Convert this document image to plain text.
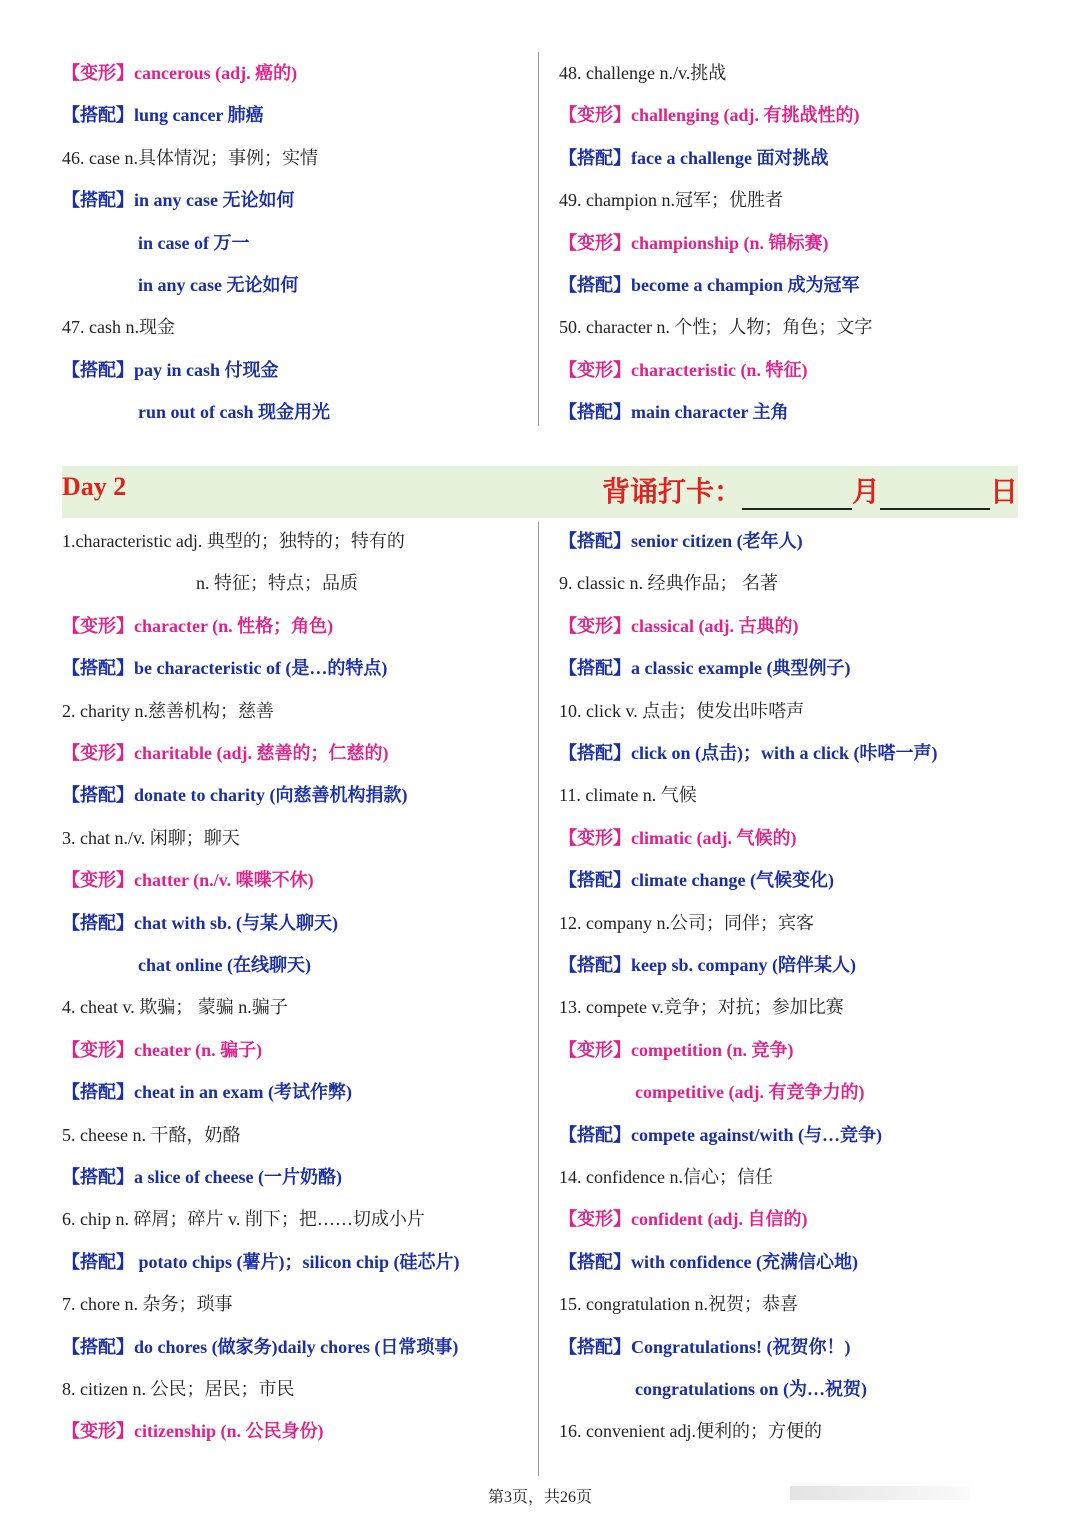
【变形】cancerous (adj. 癌的)
【搭配】lung cancer 肺癌
46. case n.具体情况；事例；实情
【搭配】in any case 无论如何
in case of 万一
in any case 无论如何
47. cash n.现金
【搭配】pay in cash 付现金
run out of cash 现金用光
48. challenge n./v.挑战
【变形】challenging (adj. 有挑战性的)
【搭配】face a challenge 面对挑战
49. champion n.冠军；优胜者
【变形】championship (n. 锦标赛)
【搭配】become a champion 成为冠军
50. character n. 个性；人物；角色；文字
【变形】characteristic (n. 特征)
【搭配】main character 主角
Day 2	背诵打卡：	月	日
1.characteristic adj. 典型的；独特的；特有的
n. 特征；特点；品质
【变形】character (n. 性格；角色)
【搭配】be characteristic of (是…的特点)
2. charity n.慈善机构；慈善
【变形】charitable (adj. 慈善的；仁慈的)
【搭配】donate to charity (向慈善机构捐款)
3. chat n./v. 闲聊；聊天
【变形】chatter (n./v. 喋喋不休)
【搭配】chat with sb. (与某人聊天)
chat online (在线聊天)
4. cheat v. 欺骗； 蒙骗 n.骗子
【变形】cheater (n. 骗子)
【搭配】cheat in an exam (考试作弊)
5. cheese n. 干酪，奶酪
【搭配】a slice of cheese (一片奶酪)
6. chip n. 碎屑；碎片 v. 削下；把……切成小片
【搭配】 potato chips (薯片)；silicon chip (硅芯片)
7. chore n. 杂务；琐事
【搭配】do chores (做家务)daily chores (日常琐事)
8. citizen n. 公民；居民；市民
【变形】citizenship (n. 公民身份)
【搭配】senior citizen (老年人)
9. classic n. 经典作品； 名著
【变形】classical (adj. 古典的)
【搭配】a classic example (典型例子)
10. click v. 点击；使发出咔嗒声
【搭配】click on (点击)；with a click (咔嗒一声)
11. climate n. 气候
【变形】climatic (adj. 气候的)
【搭配】climate change (气候变化)
12. company n.公司；同伴；宾客
【搭配】keep sb. company (陪伴某人)
13. compete v.竞争；对抗；参加比赛
【变形】competition (n. 竞争)
competitive (adj. 有竞争力的)
【搭配】compete against/with (与…竞争)
14. confidence n.信心；信任
【变形】confident (adj. 自信的)
【搭配】with confidence (充满信心地)
15. congratulation n.祝贺；恭喜
【搭配】Congratulations! (祝贺你！)
congratulations on (为…祝贺)
16. convenient adj.便利的；方便的
第3页，共26页
